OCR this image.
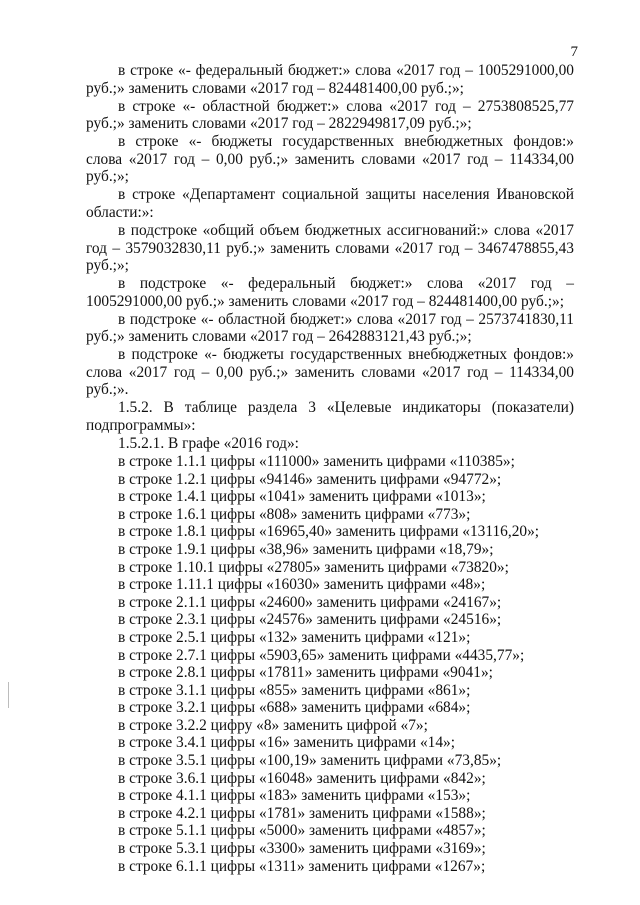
7

в строке «- федеральный бюджет:» слова «2017 год – 1005291000,00 руб.;» заменить словами «2017 год – 824481400,00 руб.;»;

в строке «- областной бюджет:» слова «2017 год – 2753808525,77 руб.;» заменить словами «2017 год – 2822949817,09 руб.;»;

в строке «- бюджеты государственных внебюджетных фондов:» слова «2017 год – 0,00 руб.;» заменить словами «2017 год – 114334,00 руб.;»;

в строке «Департамент социальной защиты населения Ивановской области:»:

в подстроке «общий объем бюджетных ассигнований:» слова «2017 год – 3579032830,11 руб.;» заменить словами «2017 год – 3467478855,43 руб.;»;

в подстроке «- федеральный бюджет:» слова «2017 год – 1005291000,00 руб.;» заменить словами «2017 год – 824481400,00 руб.;»;

в подстроке «- областной бюджет:» слова «2017 год – 2573741830,11 руб.;» заменить словами «2017 год – 2642883121,43 руб.;»;

в подстроке «- бюджеты государственных внебюджетных фондов:» слова «2017 год – 0,00 руб.;» заменить словами «2017 год – 114334,00 руб.;».

1.5.2. В таблице раздела 3 «Целевые индикаторы (показатели) подпрограммы»:

1.5.2.1. В графе «2016 год»:

в строке 1.1.1 цифры «111000» заменить цифрами «110385»;
в строке 1.2.1 цифры «94146» заменить цифрами «94772»;
в строке 1.4.1 цифры «1041» заменить цифрами «1013»;
в строке 1.6.1 цифры «808» заменить цифрами «773»;
в строке 1.8.1 цифры «16965,40» заменить цифрами «13116,20»;
в строке 1.9.1 цифры «38,96» заменить цифрами «18,79»;
в строке 1.10.1 цифры «27805» заменить цифрами «73820»;
в строке 1.11.1 цифры «16030» заменить цифрами «48»;
в строке 2.1.1 цифры «24600» заменить цифрами «24167»;
в строке 2.3.1 цифры «24576» заменить цифрами «24516»;
в строке 2.5.1 цифры «132» заменить цифрами «121»;
в строке 2.7.1 цифры «5903,65» заменить цифрами «4435,77»;
в строке 2.8.1 цифры «17811» заменить цифрами «9041»;
в строке 3.1.1 цифры «855» заменить цифрами «861»;
в строке 3.2.1 цифры «688» заменить цифрами «684»;
в строке 3.2.2 цифру «8» заменить цифрой «7»;
в строке 3.4.1 цифры «16» заменить цифрами «14»;
в строке 3.5.1 цифры «100,19» заменить цифрами «73,85»;
в строке 3.6.1 цифры «16048» заменить цифрами «842»;
в строке 4.1.1 цифры «183» заменить цифрами «153»;
в строке 4.2.1 цифры «1781» заменить цифрами «1588»;
в строке 5.1.1 цифры «5000» заменить цифрами «4857»;
в строке 5.3.1 цифры «3300» заменить цифрами «3169»;
в строке 6.1.1 цифры «1311» заменить цифрами «1267»;
